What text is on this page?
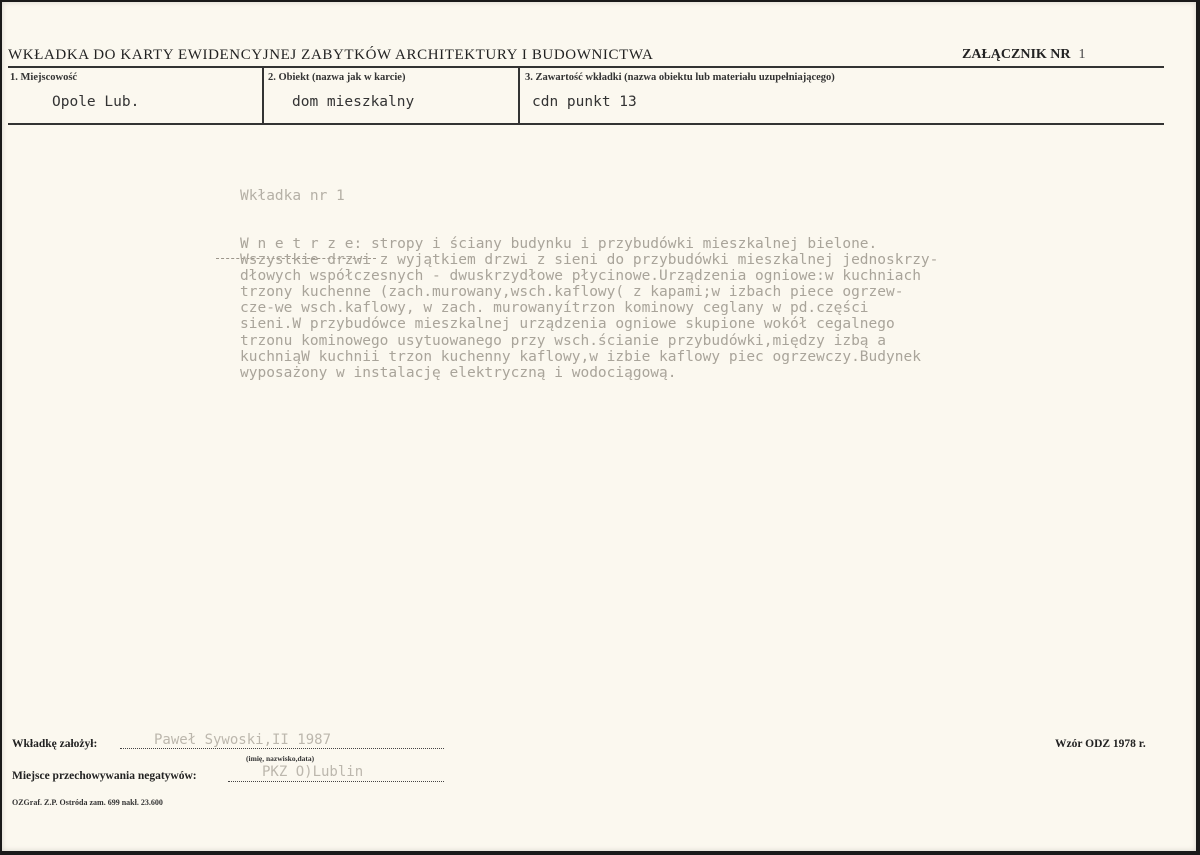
WKŁADKA DO KARTY EWIDENCYJNEJ ZABYTKÓW ARCHITEKTURY I BUDOWNICTWA	ZAŁĄCZNIK NR 1
1. Miejscowość
Opole Lub.
2. Obiekt (nazwa jak w karcie)
dom mieszkalny
3. Zawartość wkładki (nazwa obiektu lub materiału uzupełniającego)
cdn punkt 13
Wkładka nr 1
W n e t r z e: stropy i ściany budynku i przybudówki mieszkalnej bielone.
Wszystkie drzwi z wyjątkiem drzwi z sieni do przybudówki mieszkalnej jednoskrzy-
dłowych współczesnych - dwuskrzydłowe płycinowe.Urządzenia ogniowe:w kuchniach
trzony kuchenne (zach.murowany,wsch.kaflowy( z kapami;w izbach piece ogrzew-
cze-we wsch.kaflowy, w zach. murowanyítrzon kominowy ceglany w pd.części
sieni.W przybudówce mieszkalnej urządzenia ogniowe skupione wokół cegalnego
trzonu kominowego usytuowanego przy wsch.ścianie przybudówki,między izbą a
kuchniąW kuchnii trzon kuchenny kaflowy,w izbie kaflowy piec ogrzewczy.Budynek
wyposażony w instalację elektryczną i wodociągową.
Wkładkę założył:	Paweł Sywoski,II 1987
(imię, nazwisko,data)
Miejsce przechowywania negatywów:	PKZ O)Lublin
Wzór ODZ 1978 r.
OZGraf. Z.P. Ostróda zam. 699 nakł. 23.600
